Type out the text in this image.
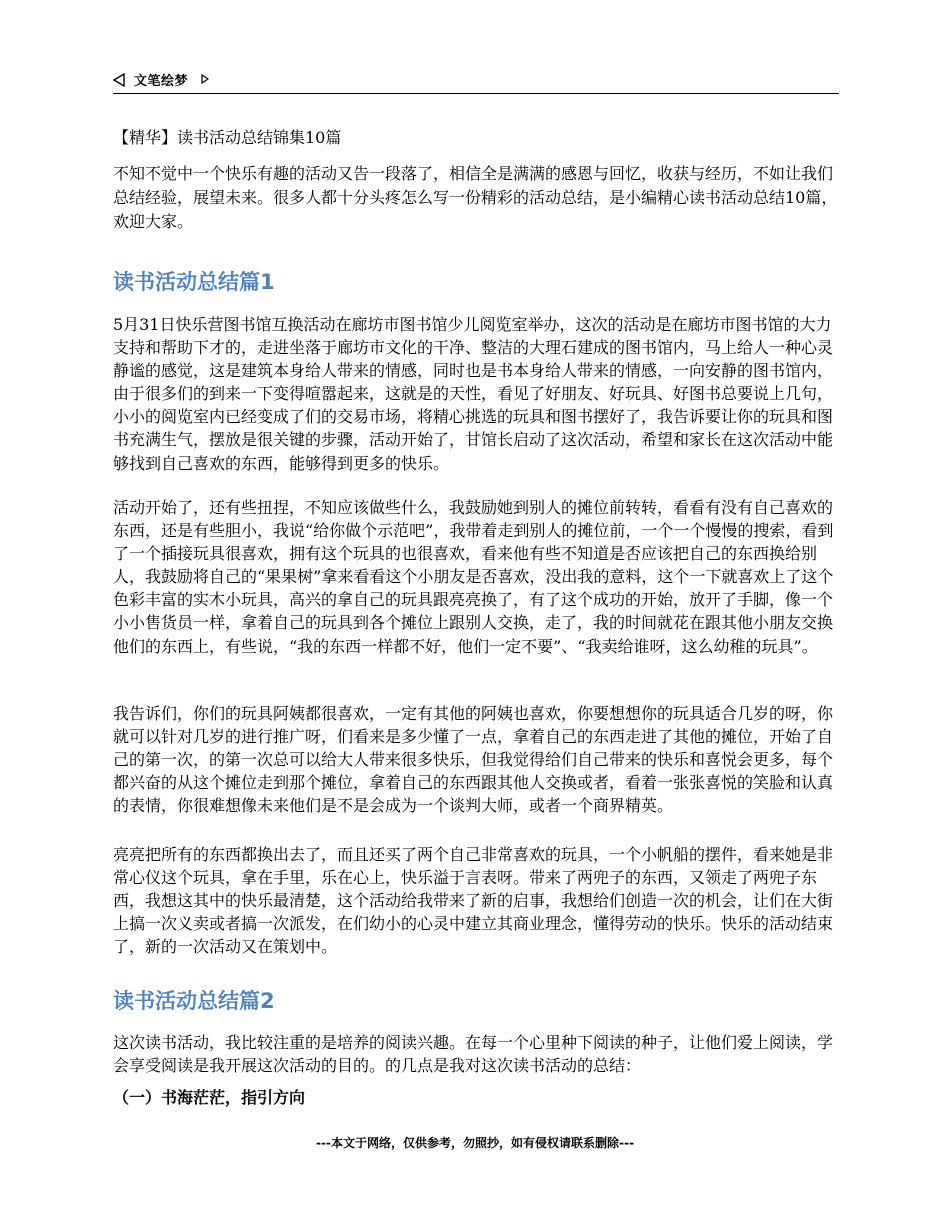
文笔绘梦
【精华】读书活动总结锦集10篇

不知不觉中一个快乐有趣的活动又告一段落了，相信全是满满的感恩与回忆，收获与经历，不如让我们总结经验，展望未来。很多人都十分头疼怎么写一份精彩的活动总结，是小编精心读书活动总结10篇，欢迎大家。

读书活动总结篇1

5月31日快乐营图书馆互换活动在廊坊市图书馆少儿阅览室举办，这次的活动是在廊坊市图书馆的大力支持和帮助下才的，走进坐落于廊坊市文化的干净、整洁的大理石建成的图书馆内，马上给人一种心灵静谧的感觉，这是建筑本身给人带来的情感，同时也是书本身给人带来的情感，一向安静的图书馆内，由于很多们的到来一下变得喧嚣起来，这就是的天性，看见了好朋友、好玩具、好图书总要说上几句，小小的阅览室内已经变成了们的交易市场，将精心挑选的玩具和图书摆好了，我告诉要让你的玩具和图书充满生气，摆放是很关键的步骤，活动开始了，甘馆长启动了这次活动，希望和家长在这次活动中能够找到自己喜欢的东西，能够得到更多的快乐。

活动开始了，还有些扭捏，不知应该做些什么，我鼓励她到别人的摊位前转转，看看有没有自己喜欢的东西，还是有些胆小，我说“给你做个示范吧”，我带着走到别人的摊位前，一个一个慢慢的搜索，看到了一个插接玩具很喜欢，拥有这个玩具的也很喜欢，看来他有些不知道是否应该把自己的东西换给别人，我鼓励将自己的“果果树”拿来看看这个小朋友是否喜欢，没出我的意料，这个一下就喜欢上了这个色彩丰富的实木小玩具，高兴的拿自己的玩具跟亮亮换了，有了这个成功的开始，放开了手脚，像一个小小售货员一样，拿着自己的玩具到各个摊位上跟别人交换，走了，我的时间就花在跟其他小朋友交换他们的东西上，有些说，“我的东西一样都不好，他们一定不要”、“我卖给谁呀，这么幼稚的玩具”。

我告诉们，你们的玩具阿姨都很喜欢，一定有其他的阿姨也喜欢，你要想想你的玩具适合几岁的呀，你就可以针对几岁的进行推广呀，们看来是多少懂了一点，拿着自己的东西走进了其他的摊位，开始了自己的第一次，的第一次总可以给大人带来很多快乐，但我觉得给们自己带来的快乐和喜悦会更多，每个都兴奋的从这个摊位走到那个摊位，拿着自己的东西跟其他人交换或者，看着一张张喜悦的笑脸和认真的表情，你很难想像未来他们是不是会成为一个谈判大师，或者一个商界精英。

亮亮把所有的东西都换出去了，而且还买了两个自己非常喜欢的玩具，一个小帆船的摆件，看来她是非常心仪这个玩具，拿在手里，乐在心上，快乐溢于言表呀。带来了两兜子的东西，又领走了两兜子东西，我想这其中的快乐最清楚，这个活动给我带来了新的启事，我想给们创造一次的机会，让们在大街上搞一次义卖或者搞一次派发，在们幼小的心灵中建立其商业理念，懂得劳动的快乐。快乐的活动结束了，新的一次活动又在策划中。

读书活动总结篇2

这次读书活动，我比较注重的是培养的阅读兴趣。在每一个心里种下阅读的种子，让他们爱上阅读，学会享受阅读是我开展这次活动的目的。的几点是我对这次读书活动的总结：

（一）书海茫茫，指引方向
---本文于网络，仅供参考，勿照抄，如有侵权请联系删除---
